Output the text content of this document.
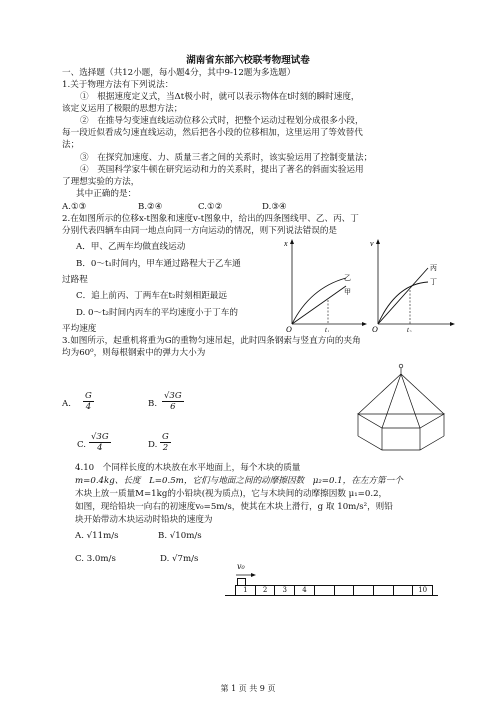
湖南省东部六校联考物理试卷
一、选择题（共12小题，每小题4分，其中9-12题为多选题）
1.关于物理方法有下列说法：
①　根据速度定义式，当Δt极小时，就可以表示物体在t时刻的瞬时速度，
该定义运用了极限的思想方法；
②　在推导匀变速直线运动位移公式时，把整个运动过程划分成很多小段，
每一段近似看成匀速直线运动，然后把各小段的位移相加，这里运用了等效替代
法；
③　在探究加速度、力、质量三者之间的关系时，该实验运用了控制变量法；
④　英国科学家牛顿在研究运动和力的关系时，提出了著名的斜面实验运用
了理想实验的方法，
其中正确的是：
A.①③	B.②④	C.①②	D.③④
2.在如图所示的位移x-t图象和速度v-t图象中，给出的四条图线甲、乙、丙、丁
分别代表四辆车由同一地点向同一方向运动的情况，则下列说法错误的是
A．甲、乙两车均做直线运动
B．0～t₁时间内，甲车通过路程大于乙车通
过路程
C．追上前丙、丁两车在t₂时刻相距最远
D. 0～t₂时间内丙车的平均速度小于丁车的
平均速度
x
O	t₁
乙
甲
v
O	t₂
丙
丁
3.如图所示，起重机将重为G的重物匀速吊起，此时四条钢索与竖直方向的夹角
均为60⁰，则每根钢索中的弹力大小为
A. $\frac{G}{4}$	B. $\frac{√3G}{6}$
C. $\frac{√3G}{4}$	D. $\frac{G}{2}$
4.10　个同样长度的木块放在水平地面上，每个木块的质量
m=0.4kg、长度　L=0.5m，它们与地面之间的动摩擦因数　μ₂=0.1，在左方第一个
木块上放一质量M=1kg的小铅块(视为质点)，它与木块间的动摩擦因数 μ₁=0.2，
如图，现给铅块一向右的初速度v₀=5m/s，使其在木块上滑行，g 取 10m/s²，则铅
块开始带动木块运动时铅块的速度为
A. √11m/s	B. √10m/s
C. 3.0m/s	D. √7m/s
v₀
1	2	3	4	10
第 1 页 共 9 页
